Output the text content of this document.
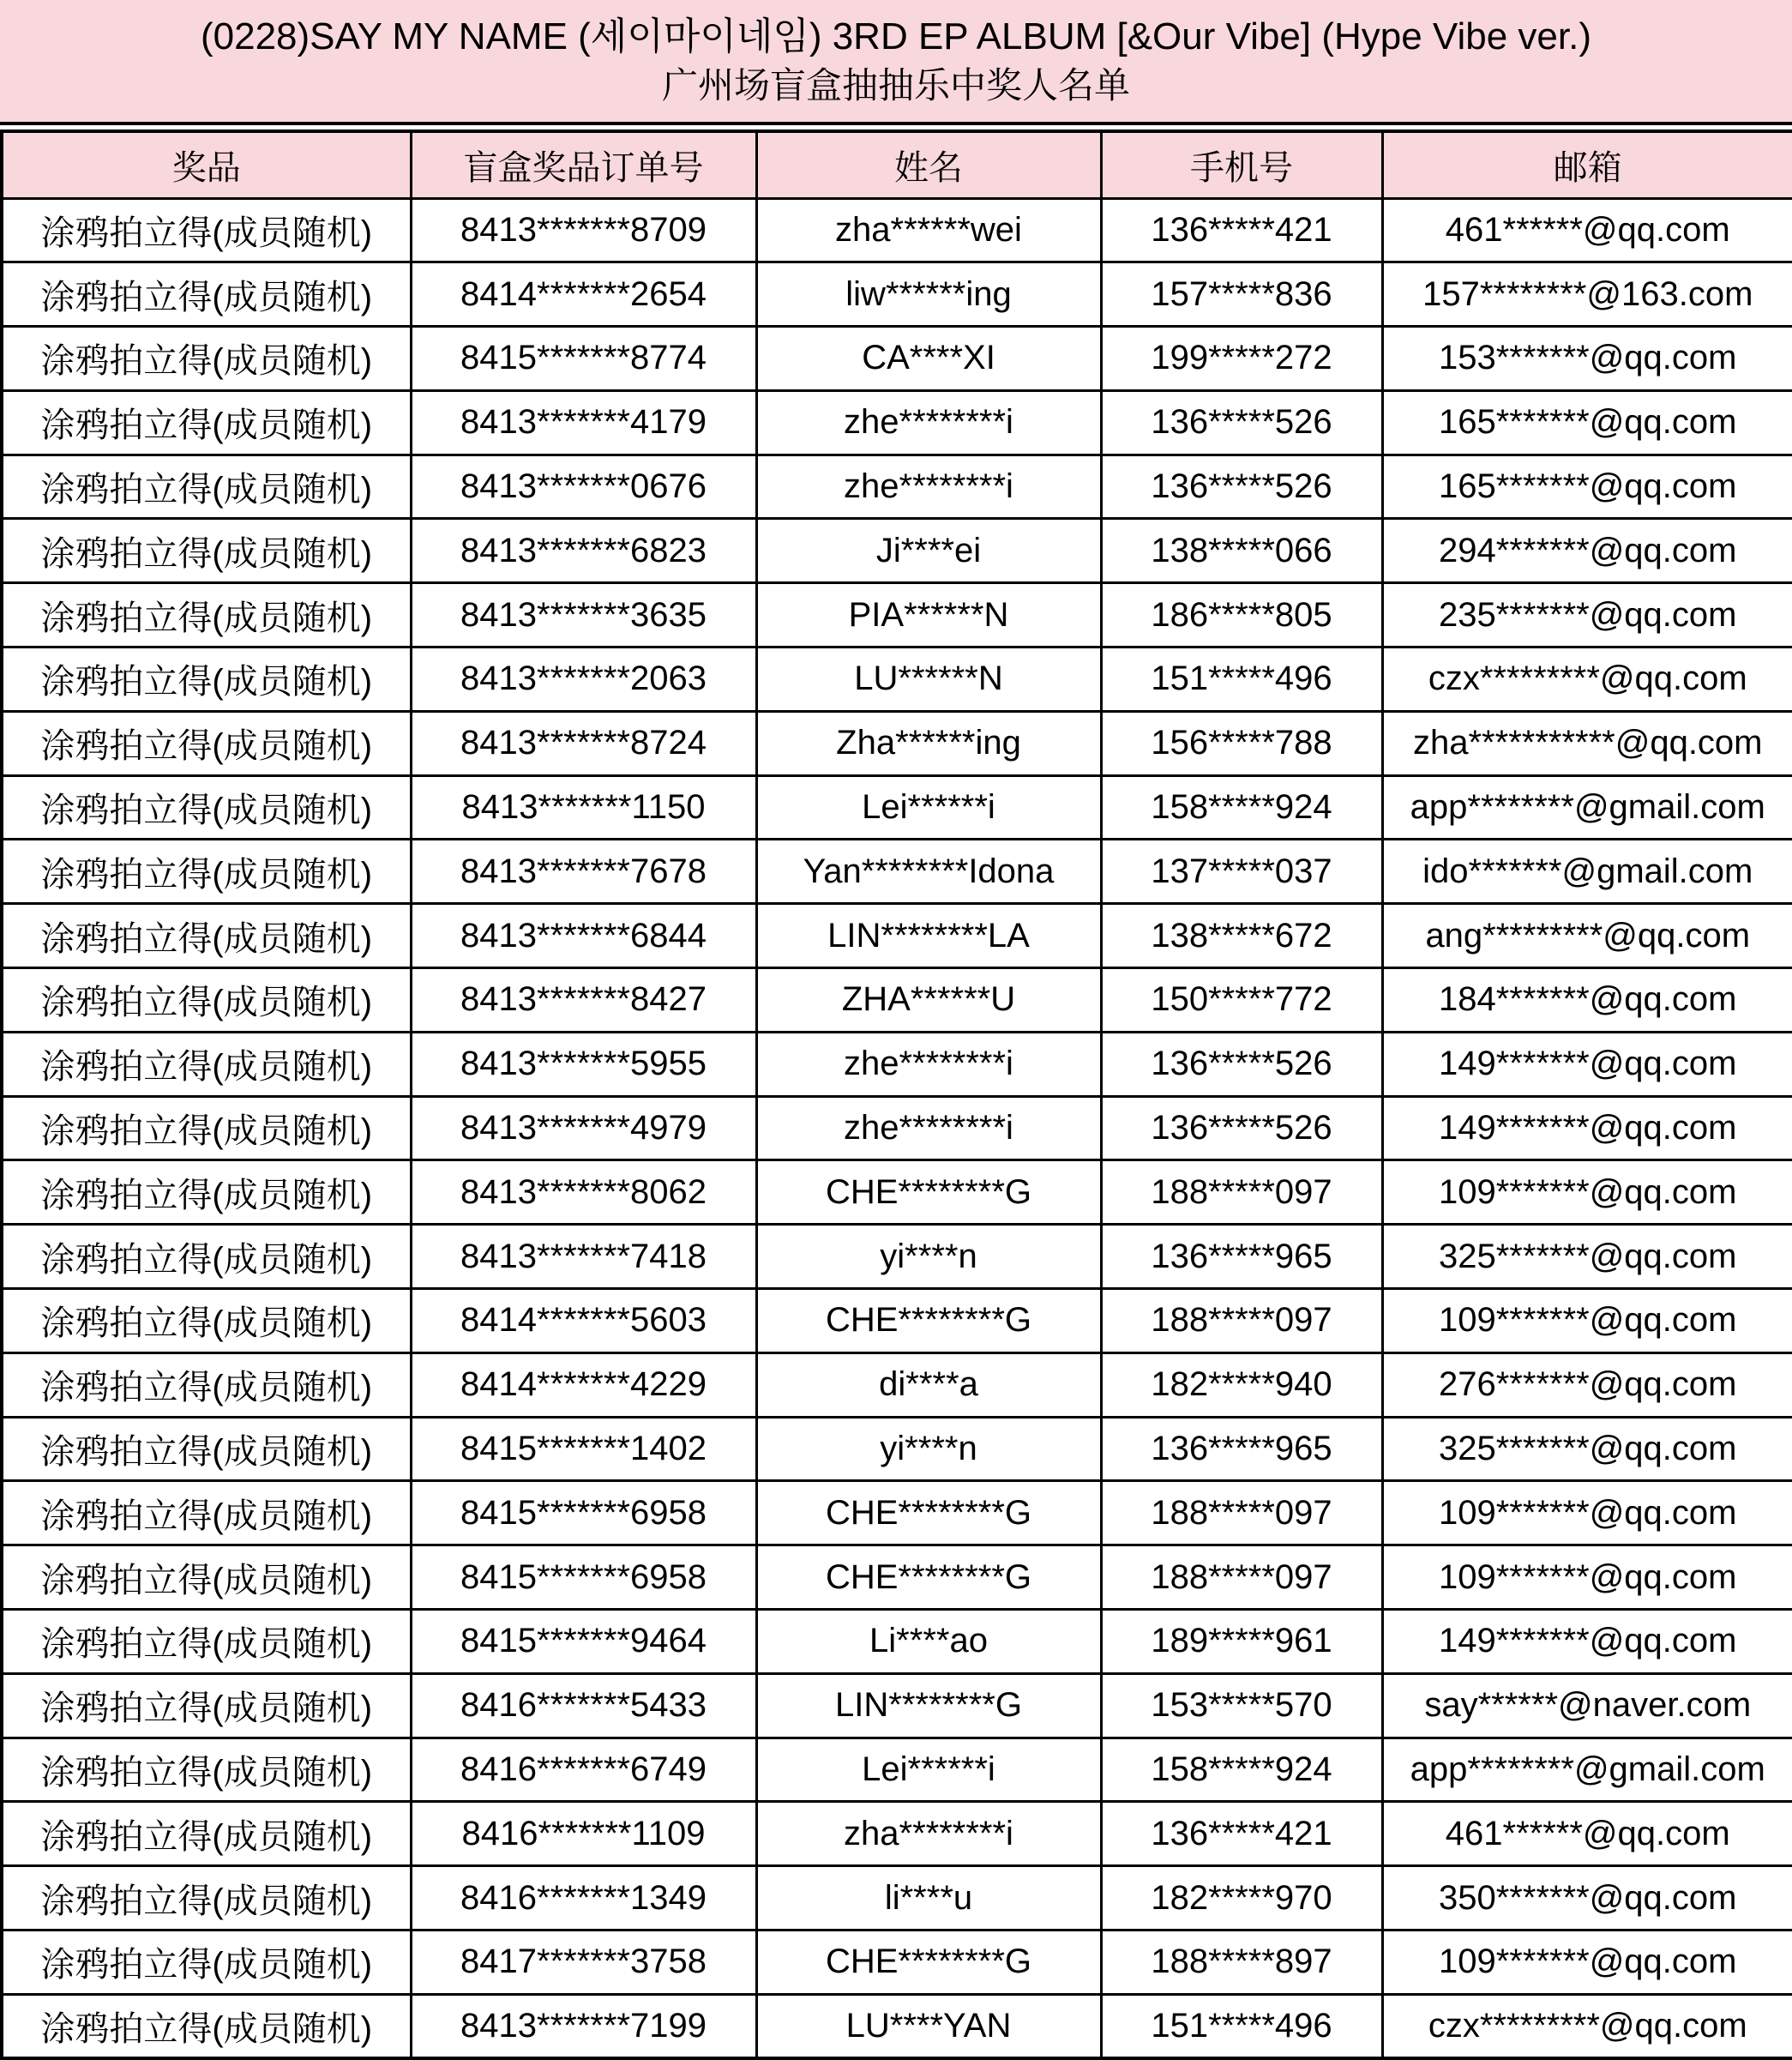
(0228)SAY MY NAME (세이마이네임) 3RD EP ALBUM [&Our Vibe] (Hype Vibe ver.)
广州场盲盒抽抽乐中奖人名单
奖品	盲盒奖品订单号	姓名	手机号	邮箱
涂鸦拍立得(成员随机)	8413*******8709	zha******wei	136*****421	461******@qq.com
涂鸦拍立得(成员随机)	8414*******2654	liw******ing	157*****836	157********@163.com
涂鸦拍立得(成员随机)	8415*******8774	CA****XI	199*****272	153*******@qq.com
涂鸦拍立得(成员随机)	8413*******4179	zhe********i	136*****526	165*******@qq.com
涂鸦拍立得(成员随机)	8413*******0676	zhe********i	136*****526	165*******@qq.com
涂鸦拍立得(成员随机)	8413*******6823	Ji****ei	138*****066	294*******@qq.com
涂鸦拍立得(成员随机)	8413*******3635	PIA******N	186*****805	235*******@qq.com
涂鸦拍立得(成员随机)	8413*******2063	LU******N	151*****496	czx*********@qq.com
涂鸦拍立得(成员随机)	8413*******8724	Zha******ing	156*****788	zha***********@qq.com
涂鸦拍立得(成员随机)	8413*******1150	Lei******i	158*****924	app********@gmail.com
涂鸦拍立得(成员随机)	8413*******7678	Yan********Idona	137*****037	ido*******@gmail.com
涂鸦拍立得(成员随机)	8413*******6844	LIN********LA	138*****672	ang*********@qq.com
涂鸦拍立得(成员随机)	8413*******8427	ZHA******U	150*****772	184*******@qq.com
涂鸦拍立得(成员随机)	8413*******5955	zhe********i	136*****526	149*******@qq.com
涂鸦拍立得(成员随机)	8413*******4979	zhe********i	136*****526	149*******@qq.com
涂鸦拍立得(成员随机)	8413*******8062	CHE********G	188*****097	109*******@qq.com
涂鸦拍立得(成员随机)	8413*******7418	yi****n	136*****965	325*******@qq.com
涂鸦拍立得(成员随机)	8414*******5603	CHE********G	188*****097	109*******@qq.com
涂鸦拍立得(成员随机)	8414*******4229	di****a	182*****940	276*******@qq.com
涂鸦拍立得(成员随机)	8415*******1402	yi****n	136*****965	325*******@qq.com
涂鸦拍立得(成员随机)	8415*******6958	CHE********G	188*****097	109*******@qq.com
涂鸦拍立得(成员随机)	8415*******6958	CHE********G	188*****097	109*******@qq.com
涂鸦拍立得(成员随机)	8415*******9464	Li****ao	189*****961	149*******@qq.com
涂鸦拍立得(成员随机)	8416*******5433	LIN********G	153*****570	say******@naver.com
涂鸦拍立得(成员随机)	8416*******6749	Lei******i	158*****924	app********@gmail.com
涂鸦拍立得(成员随机)	8416*******1109	zha********i	136*****421	461******@qq.com
涂鸦拍立得(成员随机)	8416*******1349	li****u	182*****970	350*******@qq.com
涂鸦拍立得(成员随机)	8417*******3758	CHE********G	188*****897	109*******@qq.com
涂鸦拍立得(成员随机)	8413*******7199	LU****YAN	151*****496	czx*********@qq.com
